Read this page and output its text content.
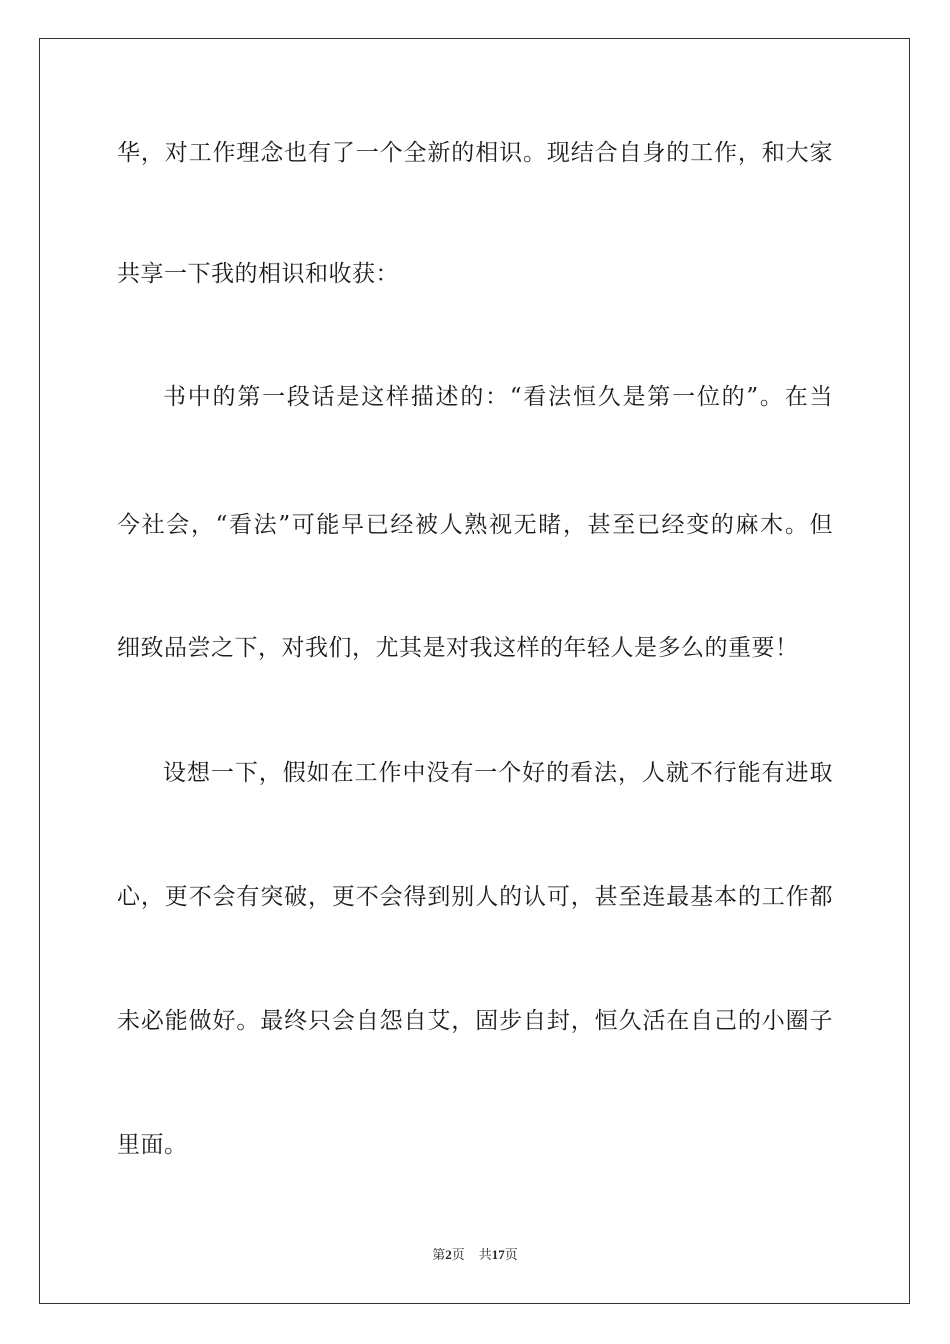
华，对工作理念也有了一个全新的相识。现结合自身的工作，和大家
共享一下我的相识和收获：
书中的第一段话是这样描述的：“看法恒久是第一位的”。在当
今社会，“看法”可能早已经被人熟视无睹，甚至已经变的麻木。但
细致品尝之下，对我们，尤其是对我这样的年轻人是多么的重要！
设想一下，假如在工作中没有一个好的看法，人就不行能有进取
心，更不会有突破，更不会得到别人的认可，甚至连最基本的工作都
未必能做好。最终只会自怨自艾，固步自封，恒久活在自己的小圈子
里面。
第2页 共17页
